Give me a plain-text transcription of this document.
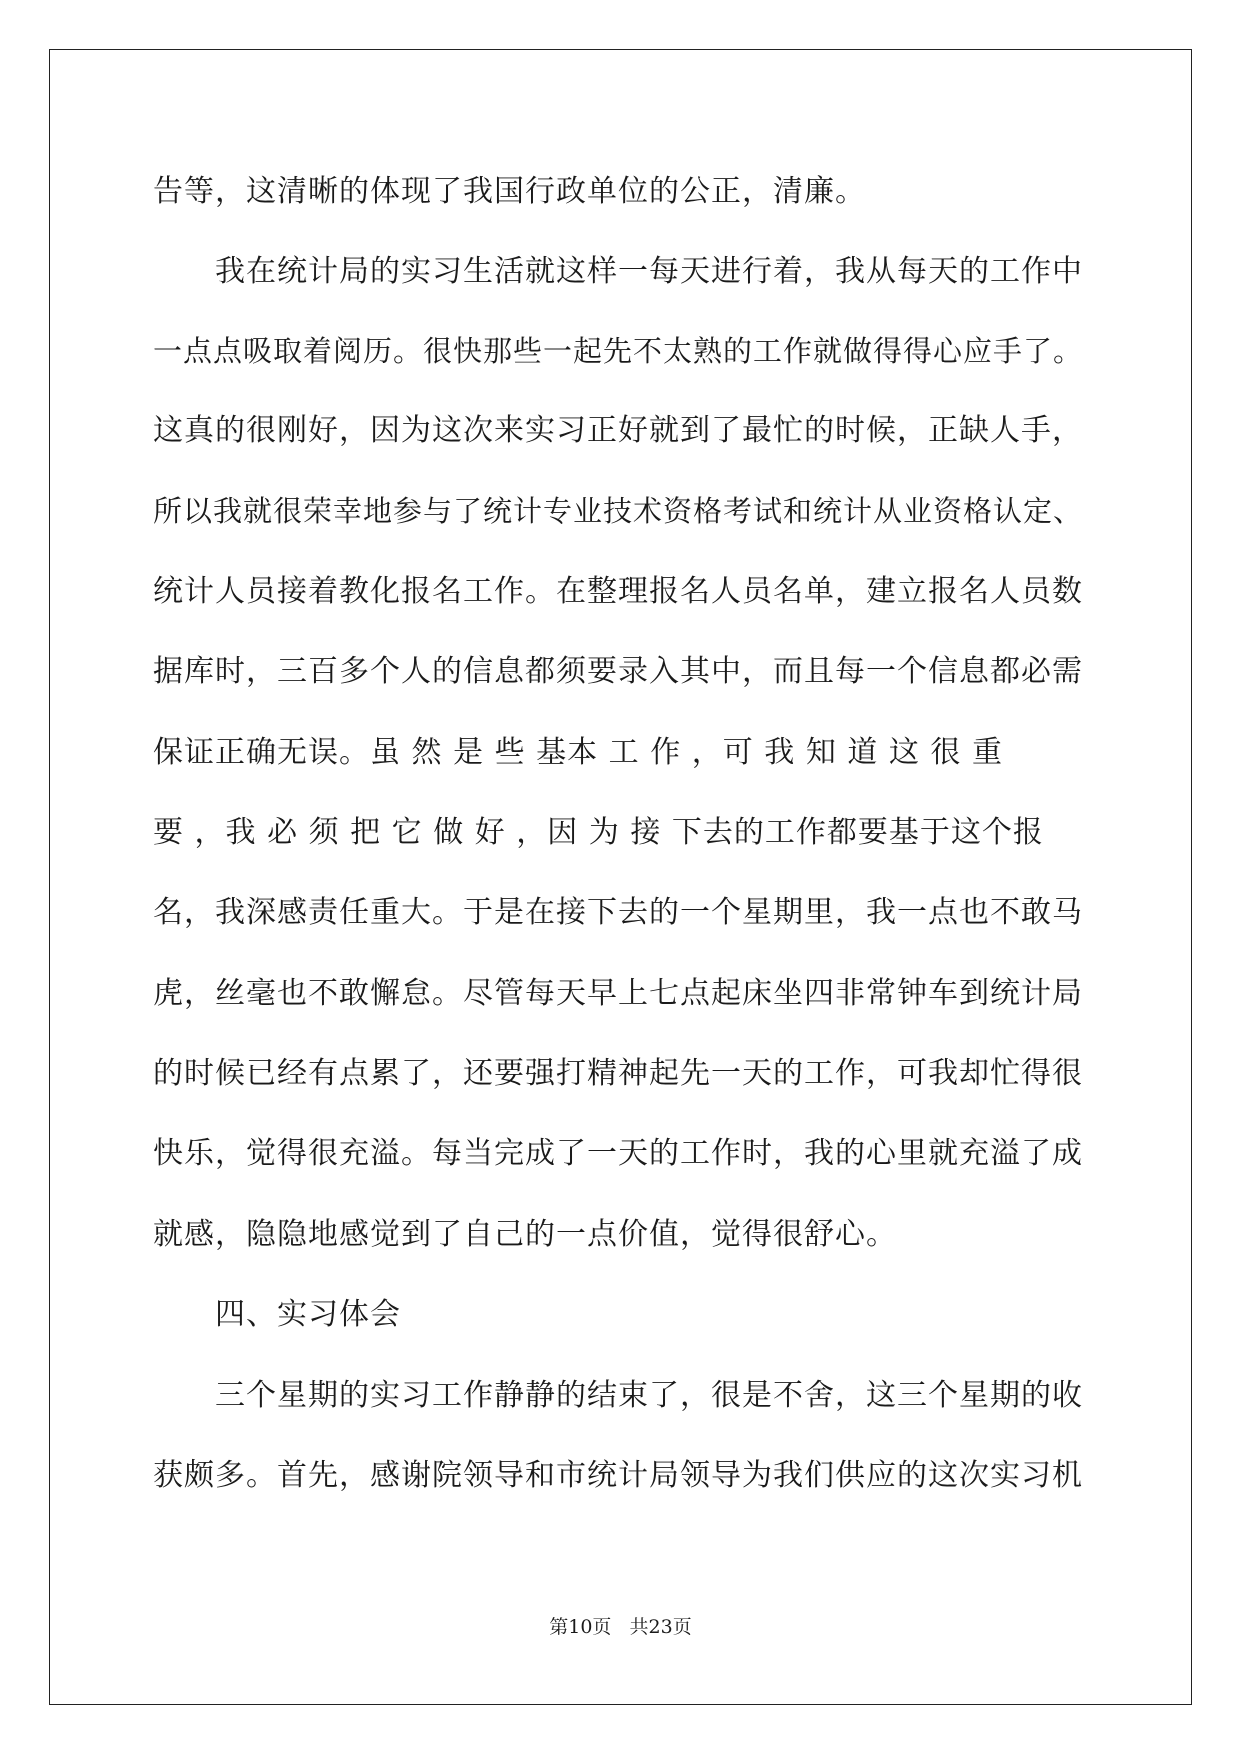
告等，这清晰的体现了我国行政单位的公正，清廉。
　　我在统计局的实习生活就这样一每天进行着，我从每天的工作中
一点点吸取着阅历。很快那些一起先不太熟的工作就做得得心应手了。
这真的很刚好，因为这次来实习正好就到了最忙的时候，正缺人手，
所以我就很荣幸地参与了统计专业技术资格考试和统计从业资格认定、
统计人员接着教化报名工作。在整理报名人员名单，建立报名人员数
据库时，三百多个人的信息都须要录入其中，而且每一个信息都必需
保证正确无误。虽 然 是 些 基本 工 作 ，可 我 知 道 这 很 重
要 ，我 必 须 把 它 做 好 ，因 为 接 下去的工作都要基于这个报
名，我深感责任重大。于是在接下去的一个星期里，我一点也不敢马
虎，丝毫也不敢懈怠。尽管每天早上七点起床坐四非常钟车到统计局
的时候已经有点累了，还要强打精神起先一天的工作，可我却忙得很
快乐，觉得很充溢。每当完成了一天的工作时，我的心里就充溢了成
就感，隐隐地感觉到了自己的一点价值，觉得很舒心。
　　四、实习体会
　　三个星期的实习工作静静的结束了，很是不舍，这三个星期的收
获颇多。首先，感谢院领导和市统计局领导为我们供应的这次实习机
第10页   共23页
